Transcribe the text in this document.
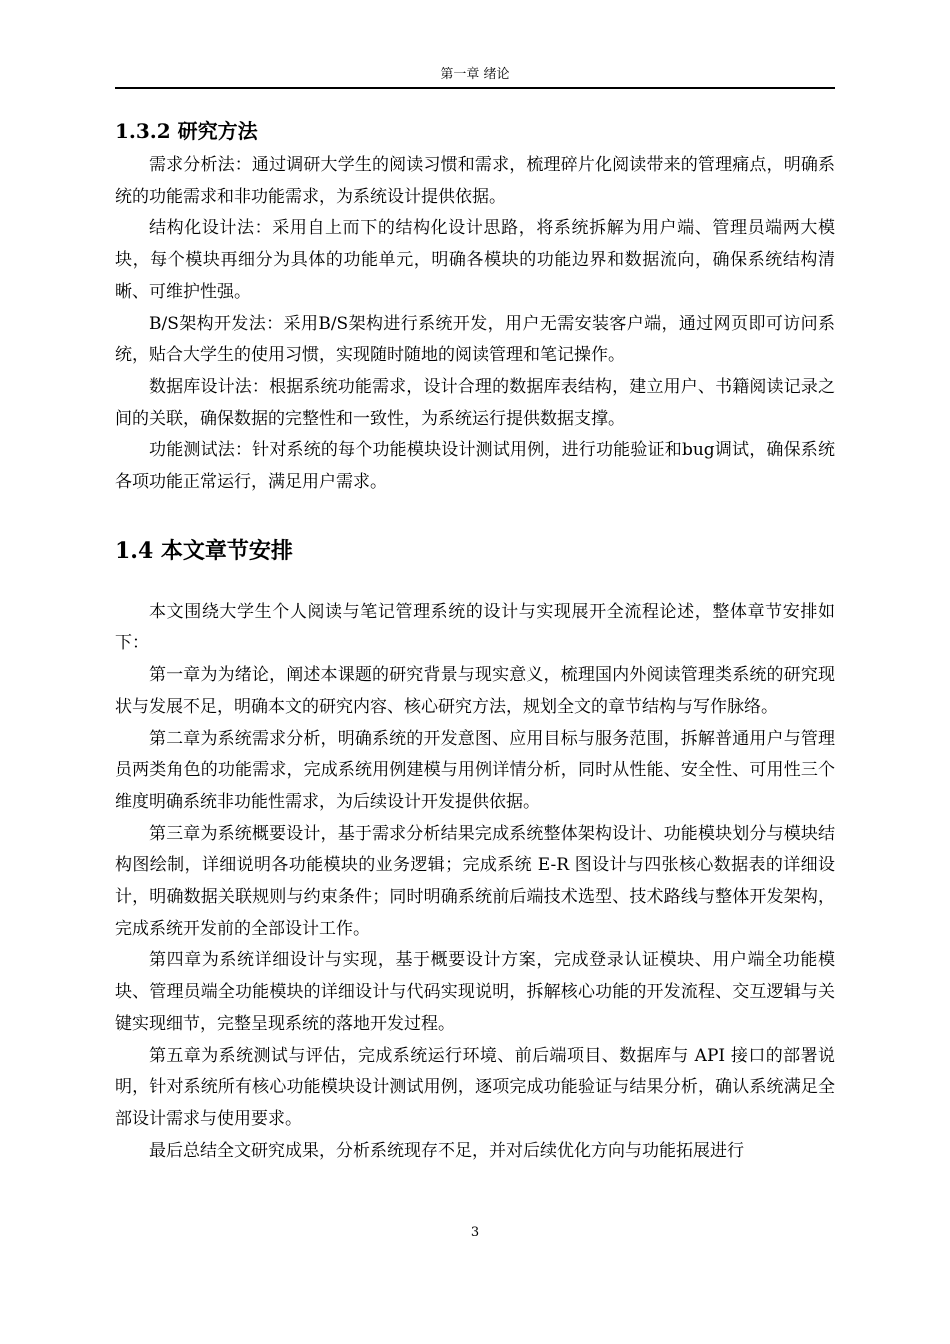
第一章 绪论
1.3.2 研究方法

需求分析法：通过调研大学生的阅读习惯和需求，梳理碎片化阅读带来的管理痛点，明确系统的功能需求和非功能需求，为系统设计提供依据。

结构化设计法：采用自上而下的结构化设计思路，将系统拆解为用户端、管理员端两大模块，每个模块再细分为具体的功能单元，明确各模块的功能边界和数据流向，确保系统结构清晰、可维护性强。

B/S架构开发法：采用B/S架构进行系统开发，用户无需安装客户端，通过网页即可访问系统，贴合大学生的使用习惯，实现随时随地的阅读管理和笔记操作。

数据库设计法：根据系统功能需求，设计合理的数据库表结构，建立用户、书籍阅读记录之间的关联，确保数据的完整性和一致性，为系统运行提供数据支撑。

功能测试法：针对系统的每个功能模块设计测试用例，进行功能验证和bug调试，确保系统各项功能正常运行，满足用户需求。

1.4 本文章节安排

本文围绕大学生个人阅读与笔记管理系统的设计与实现展开全流程论述，整体章节安排如下：

第一章为为绪论，阐述本课题的研究背景与现实意义，梳理国内外阅读管理类系统的研究现状与发展不足，明确本文的研究内容、核心研究方法，规划全文的章节结构与写作脉络。

第二章为系统需求分析，明确系统的开发意图、应用目标与服务范围，拆解普通用户与管理员两类角色的功能需求，完成系统用例建模与用例详情分析，同时从性能、安全性、可用性三个维度明确系统非功能性需求，为后续设计开发提供依据。

第三章为系统概要设计，基于需求分析结果完成系统整体架构设计、功能模块划分与模块结构图绘制，详细说明各功能模块的业务逻辑；完成系统 E-R 图设计与四张核心数据表的详细设计，明确数据关联规则与约束条件；同时明确系统前后端技术选型、技术路线与整体开发架构，完成系统开发前的全部设计工作。

第四章为系统详细设计与实现，基于概要设计方案，完成登录认证模块、用户端全功能模块、管理员端全功能模块的详细设计与代码实现说明，拆解核心功能的开发流程、交互逻辑与关键实现细节，完整呈现系统的落地开发过程。

第五章为系统测试与评估，完成系统运行环境、前后端项目、数据库与 API 接口的部署说明，针对系统所有核心功能模块设计测试用例，逐项完成功能验证与结果分析，确认系统满足全部设计需求与使用要求。

最后总结全文研究成果，分析系统现存不足，并对后续优化方向与功能拓展进行

3
